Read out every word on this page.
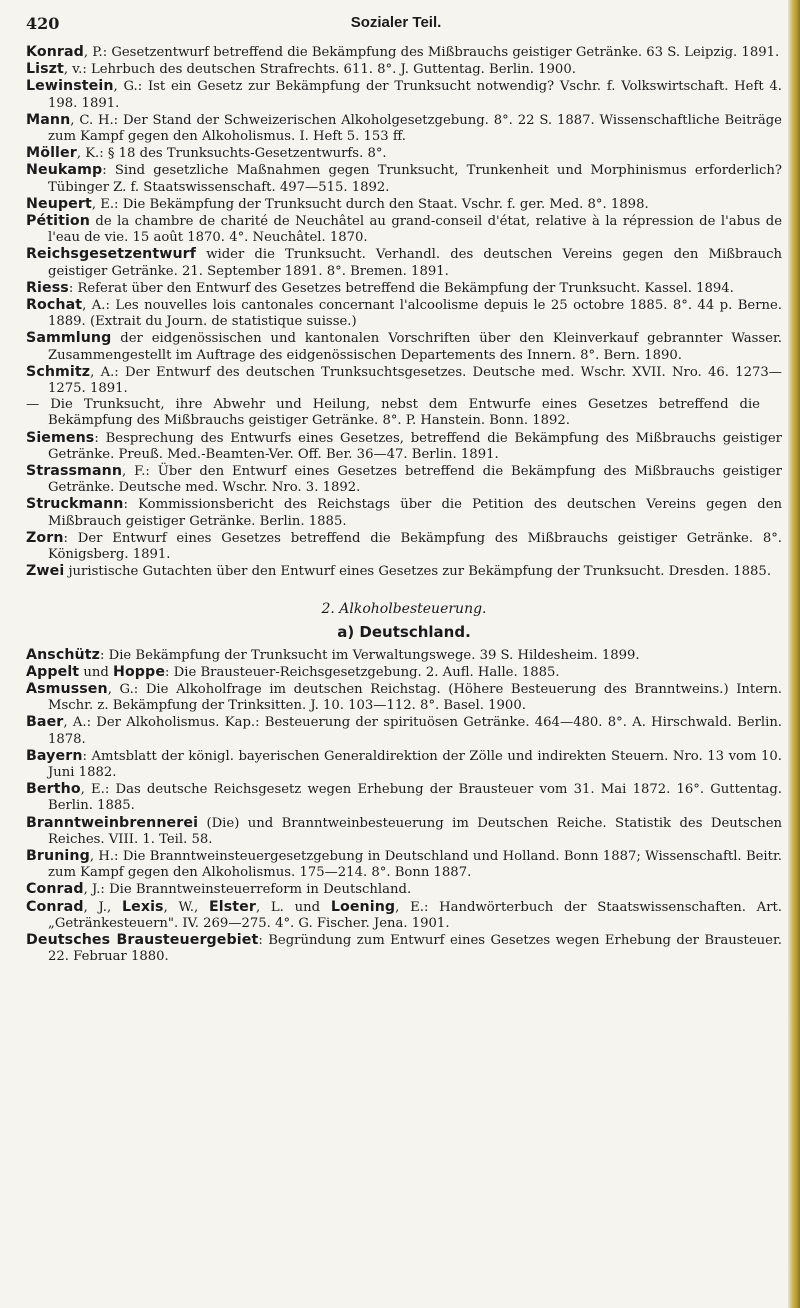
420	Sozialer Teil.

Konrad, P.: Gesetzentwurf betreffend die Bekämpfung des Mißbrauchs geistiger Getränke. 63 S. Leipzig. 1891.

Liszt, v.: Lehrbuch des deutschen Strafrechts. 611. 8°. J. Guttentag. Berlin. 1900.

Lewinstein, G.: Ist ein Gesetz zur Bekämpfung der Trunksucht notwendig? Vschr. f. Volkswirtschaft. Heft 4. 198. 1891.

Mann, C. H.: Der Stand der Schweizerischen Alkoholgesetzgebung. 8°. 22 S. 1887. Wissenschaftliche Beiträge zum Kampf gegen den Alkoholismus. I. Heft 5. 153 ff.

Möller, K.: § 18 des Trunksuchts-Gesetzentwurfs. 8°.

Neukamp: Sind gesetzliche Maßnahmen gegen Trunksucht, Trunkenheit und Morphinismus erforderlich? Tübinger Z. f. Staatswissenschaft. 497—515. 1892.

Neupert, E.: Die Bekämpfung der Trunksucht durch den Staat. Vschr. f. ger. Med. 8°. 1898.

Pétition de la chambre de charité de Neuchâtel au grand-conseil d'état, relative à la répression de l'abus de l'eau de vie. 15 août 1870. 4°. Neuchâtel. 1870.

Reichsgesetzentwurf wider die Trunksucht. Verhandl. des deutschen Vereins gegen den Mißbrauch geistiger Getränke. 21. September 1891. 8°. Bremen. 1891.

Riess: Referat über den Entwurf des Gesetzes betreffend die Bekämpfung der Trunksucht. Kassel. 1894.

Rochat, A.: Les nouvelles lois cantonales concernant l'alcoolisme depuis le 25 octobre 1885. 8°. 44 p. Berne. 1889. (Extrait du Journ. de statistique suisse.)

Sammlung der eidgenössischen und kantonalen Vorschriften über den Kleinverkauf gebrannter Wasser. Zusammengestellt im Auftrage des eidgenössischen Departements des Innern. 8°. Bern. 1890.

Schmitz, A.: Der Entwurf des deutschen Trunksuchtsgesetzes. Deutsche med. Wschr. XVII. Nro. 46. 1273—1275. 1891.

— Die Trunksucht, ihre Abwehr und Heilung, nebst dem Entwurfe eines Gesetzes betreffend die Bekämpfung des Mißbrauchs geistiger Getränke. 8°. P. Hanstein. Bonn. 1892.

Siemens: Besprechung des Entwurfs eines Gesetzes, betreffend die Bekämpfung des Mißbrauchs geistiger Getränke. Preuß. Med.-Beamten-Ver. Off. Ber. 36—47. Berlin. 1891.

Strassmann, F.: Über den Entwurf eines Gesetzes betreffend die Bekämpfung des Mißbrauchs geistiger Getränke. Deutsche med. Wschr. Nro. 3. 1892.

Struckmann: Kommissionsbericht des Reichstags über die Petition des deutschen Vereins gegen den Mißbrauch geistiger Getränke. Berlin. 1885.

Zorn: Der Entwurf eines Gesetzes betreffend die Bekämpfung des Mißbrauchs geistiger Getränke. 8°. Königsberg. 1891.

Zwei juristische Gutachten über den Entwurf eines Gesetzes zur Bekämpfung der Trunksucht. Dresden. 1885.

2. Alkoholbesteuerung.
a) Deutschland.

Anschütz: Die Bekämpfung der Trunksucht im Verwaltungswege. 39 S. Hildesheim. 1899.

Appelt und Hoppe: Die Brausteuer-Reichsgesetzgebung. 2. Aufl. Halle. 1885.

Asmussen, G.: Die Alkoholfrage im deutschen Reichstag. (Höhere Besteuerung des Branntweins.) Intern. Mschr. z. Bekämpfung der Trinksitten. J. 10. 103—112. 8°. Basel. 1900.

Baer, A.: Der Alkoholismus. Kap.: Besteuerung der spirituösen Getränke. 464—480. 8°. A. Hirschwald. Berlin. 1878.

Bayern: Amtsblatt der königl. bayerischen Generaldirektion der Zölle und indirekten Steuern. Nro. 13 vom 10. Juni 1882.

Bertho, E.: Das deutsche Reichsgesetz wegen Erhebung der Brausteuer vom 31. Mai 1872. 16°. Guttentag. Berlin. 1885.

Branntweinbrennerei (Die) und Branntweinbesteuerung im Deutschen Reiche. Statistik des Deutschen Reiches. VIII. 1. Teil. 58.

Bruning, H.: Die Branntweinsteuergesetzgebung in Deutschland und Holland. Bonn 1887; Wissenschaftl. Beitr. zum Kampf gegen den Alkoholismus. 175—214. 8°. Bonn 1887.

Conrad, J.: Die Branntweinsteuerreform in Deutschland.

Conrad, J., Lexis, W., Elster, L. und Loening, E.: Handwörterbuch der Staatswissenschaften. Art. „Getränkesteuern". IV. 269—275. 4°. G. Fischer. Jena. 1901.

Deutsches Brausteuergebiet: Begründung zum Entwurf eines Gesetzes wegen Erhebung der Brausteuer. 22. Februar 1880.
